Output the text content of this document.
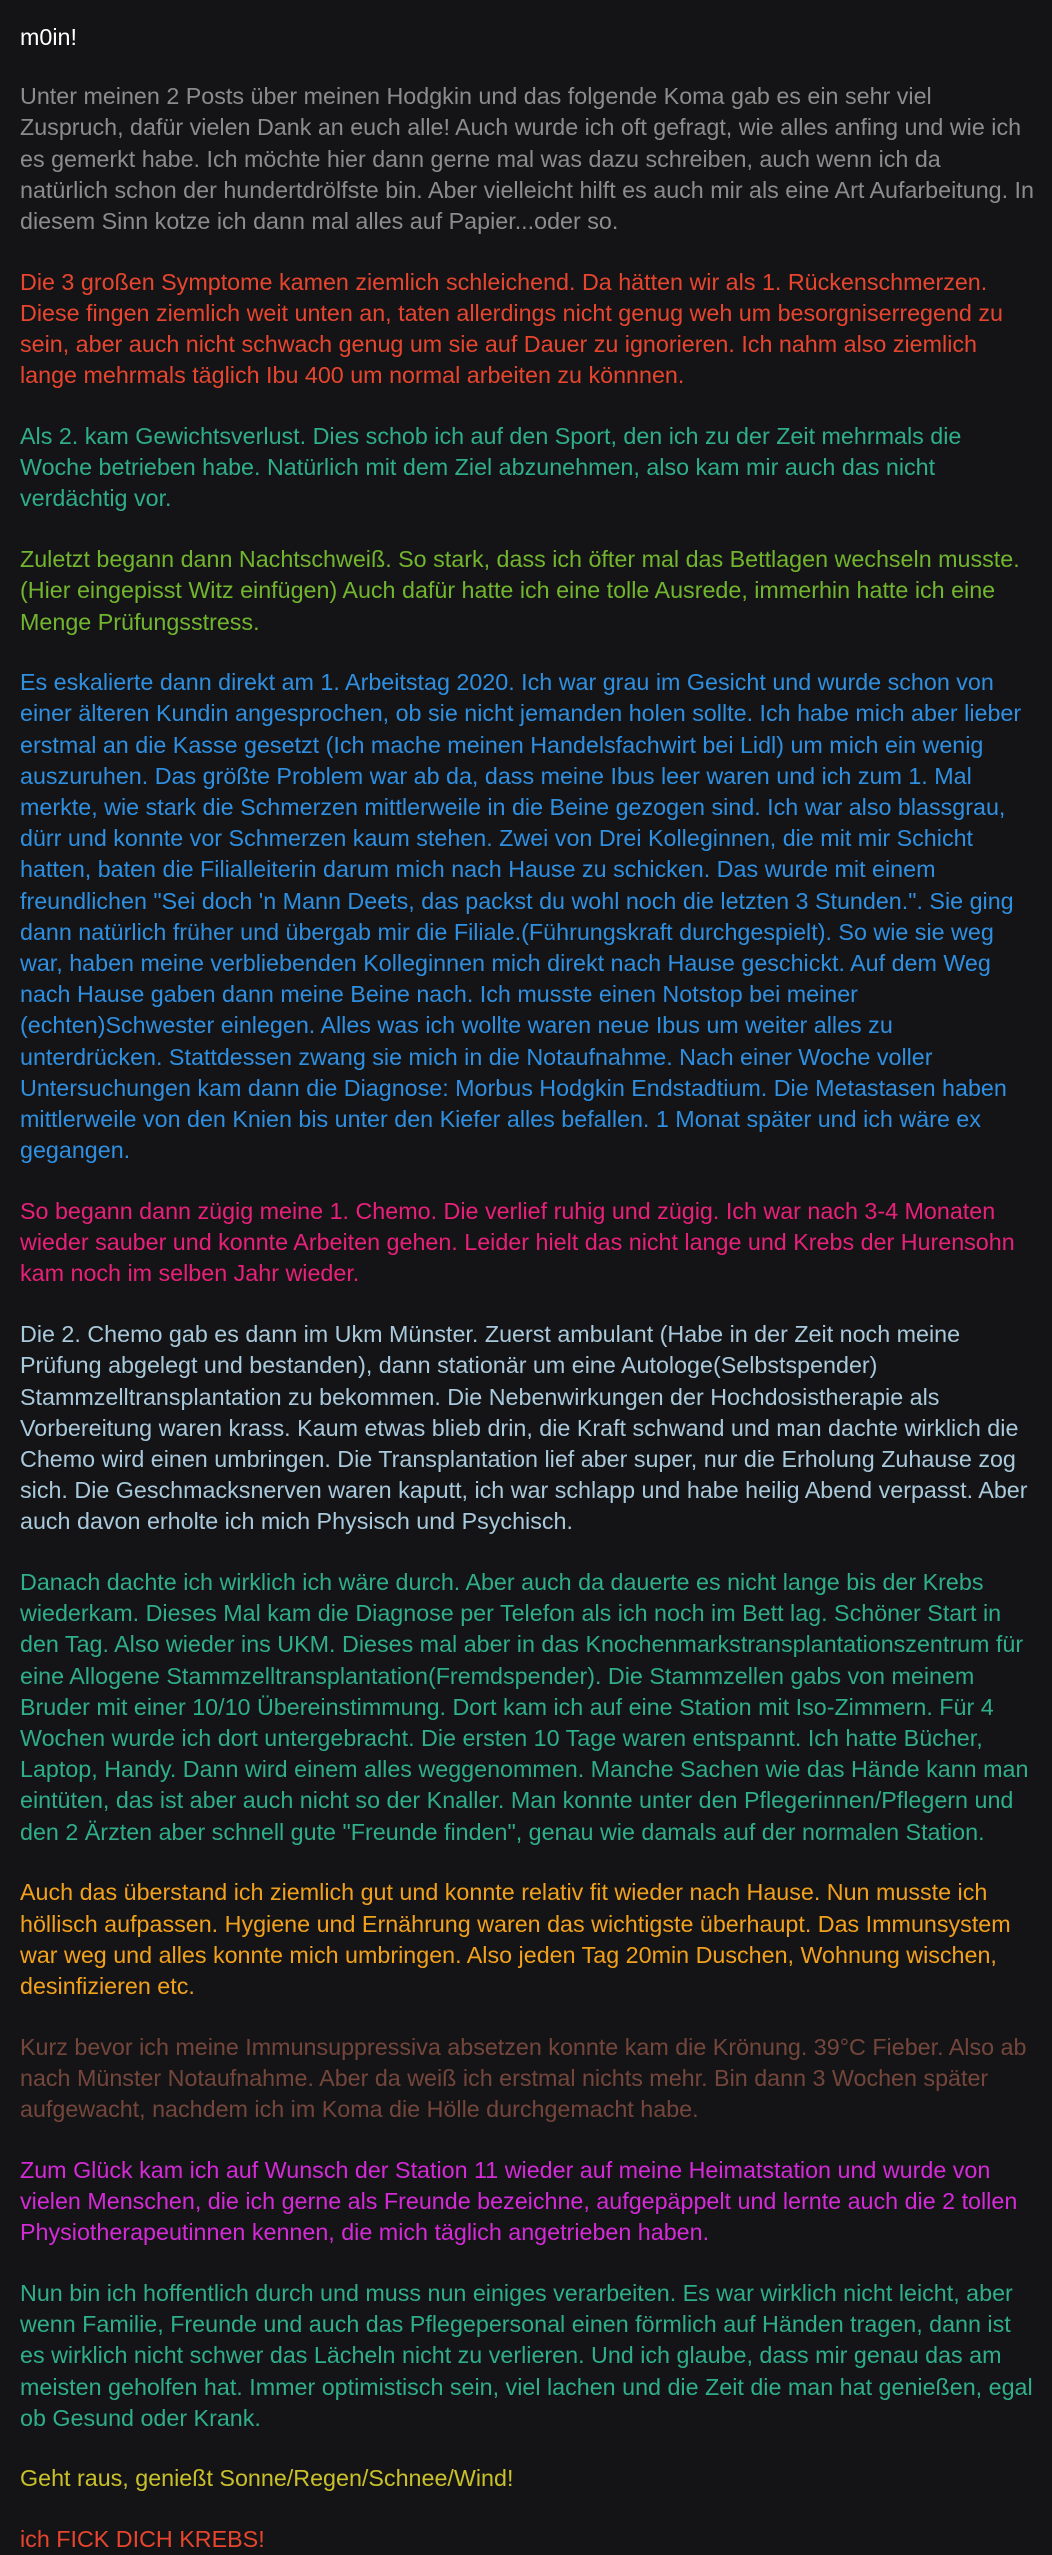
m0in!

Unter meinen 2 Posts über meinen Hodgkin und das folgende Koma gab es ein sehr viel Zuspruch, dafür vielen Dank an euch alle! Auch wurde ich oft gefragt, wie alles anfing und wie ich es gemerkt habe. Ich möchte hier dann gerne mal was dazu schreiben, auch wenn ich da natürlich schon der hundertdrölfste bin. Aber vielleicht hilft es auch mir als eine Art Aufarbeitung. In diesem Sinn kotze ich dann mal alles auf Papier...oder so.

Die 3 großen Symptome kamen ziemlich schleichend. Da hätten wir als 1. Rückenschmerzen. Diese fingen ziemlich weit unten an, taten allerdings nicht genug weh um besorgniserregend zu sein, aber auch nicht schwach genug um sie auf Dauer zu ignorieren. Ich nahm also ziemlich lange mehrmals täglich Ibu 400 um normal arbeiten zu könnnen.

Als 2. kam Gewichtsverlust. Dies schob ich auf den Sport, den ich zu der Zeit mehrmals die Woche betrieben habe. Natürlich mit dem Ziel abzunehmen, also kam mir auch das nicht verdächtig vor.

Zuletzt begann dann Nachtschweiß. So stark, dass ich öfter mal das Bettlagen wechseln musste.(Hier eingepisst Witz einfügen) Auch dafür hatte ich eine tolle Ausrede, immerhin hatte ich eine Menge Prüfungsstress.

Es eskalierte dann direkt am 1. Arbeitstag 2020. Ich war grau im Gesicht und wurde schon von einer älteren Kundin angesprochen, ob sie nicht jemanden holen sollte. Ich habe mich aber lieber erstmal an die Kasse gesetzt (Ich mache meinen Handelsfachwirt bei Lidl) um mich ein wenig auszuruhen. Das größte Problem war ab da, dass meine Ibus leer waren und ich zum 1. Mal merkte, wie stark die Schmerzen mittlerweile in die Beine gezogen sind. Ich war also blassgrau, dürr und konnte vor Schmerzen kaum stehen. Zwei von Drei Kolleginnen, die mit mir Schicht hatten, baten die Filialleiterin darum mich nach Hause zu schicken. Das wurde mit einem freundlichen "Sei doch 'n Mann Deets, das packst du wohl noch die letzten 3 Stunden.". Sie ging dann natürlich früher und übergab mir die Filiale.(Führungskraft durchgespielt). So wie sie weg war, haben meine verbliebenden Kolleginnen mich direkt nach Hause geschickt. Auf dem Weg nach Hause gaben dann meine Beine nach. Ich musste einen Notstop bei meiner (echten)Schwester einlegen. Alles was ich wollte waren neue Ibus um weiter alles zu unterdrücken. Stattdessen zwang sie mich in die Notaufnahme. Nach einer Woche voller Untersuchungen kam dann die Diagnose: Morbus Hodgkin Endstadtium. Die Metastasen haben mittlerweile von den Knien bis unter den Kiefer alles befallen. 1 Monat später und ich wäre ex gegangen.

So begann dann zügig meine 1. Chemo. Die verlief ruhig und zügig. Ich war nach 3-4 Monaten wieder sauber und konnte Arbeiten gehen. Leider hielt das nicht lange und Krebs der Hurensohn kam noch im selben Jahr wieder.

Die 2. Chemo gab es dann im Ukm Münster. Zuerst ambulant (Habe in der Zeit noch meine Prüfung abgelegt und bestanden), dann stationär um eine Autologe(Selbstspender) Stammzelltransplantation zu bekommen. Die Nebenwirkungen der Hochdosistherapie als Vorbereitung waren krass. Kaum etwas blieb drin, die Kraft schwand und man dachte wirklich die Chemo wird einen umbringen. Die Transplantation lief aber super, nur die Erholung Zuhause zog sich. Die Geschmacksnerven waren kaputt, ich war schlapp und habe heilig Abend verpasst. Aber auch davon erholte ich mich Physisch und Psychisch.

Danach dachte ich wirklich ich wäre durch. Aber auch da dauerte es nicht lange bis der Krebs wiederkam. Dieses Mal kam die Diagnose per Telefon als ich noch im Bett lag. Schöner Start in den Tag. Also wieder ins UKM. Dieses mal aber in das Knochenmarkstransplantationszentrum für eine Allogene Stammzelltransplantation(Fremdspender). Die Stammzellen gabs von meinem Bruder mit einer 10/10 Übereinstimmung. Dort kam ich auf eine Station mit Iso-Zimmern. Für 4 Wochen wurde ich dort untergebracht. Die ersten 10 Tage waren entspannt. Ich hatte Bücher, Laptop, Handy. Dann wird einem alles weggenommen. Manche Sachen wie das Hände kann man eintüten, das ist aber auch nicht so der Knaller. Man konnte unter den Pflegerinnen/Pflegern und den 2 Ärzten aber schnell gute "Freunde finden", genau wie damals auf der normalen Station.

Auch das überstand ich ziemlich gut und konnte relativ fit wieder nach Hause. Nun musste ich höllisch aufpassen. Hygiene und Ernährung waren das wichtigste überhaupt. Das Immunsystem war weg und alles konnte mich umbringen. Also jeden Tag 20min Duschen, Wohnung wischen, desinfizieren etc.

Kurz bevor ich meine Immunsuppressiva absetzen konnte kam die Krönung. 39°C Fieber. Also ab nach Münster Notaufnahme. Aber da weiß ich erstmal nichts mehr. Bin dann 3 Wochen später aufgewacht, nachdem ich im Koma die Hölle durchgemacht habe.

Zum Glück kam ich auf Wunsch der Station 11 wieder auf meine Heimatstation und wurde von vielen Menschen, die ich gerne als Freunde bezeichne, aufgepäppelt und lernte auch die 2 tollen Physiotherapeutinnen kennen, die mich täglich angetrieben haben.

Nun bin ich hoffentlich durch und muss nun einiges verarbeiten. Es war wirklich nicht leicht, aber wenn Familie, Freunde und auch das Pflegepersonal einen förmlich auf Händen tragen, dann ist es wirklich nicht schwer das Lächeln nicht zu verlieren. Und ich glaube, dass mir genau das am meisten geholfen hat. Immer optimistisch sein, viel lachen und die Zeit die man hat genießen, egal ob Gesund oder Krank.

Geht raus, genießt Sonne/Regen/Schnee/Wind!

ich FICK DICH KREBS!
